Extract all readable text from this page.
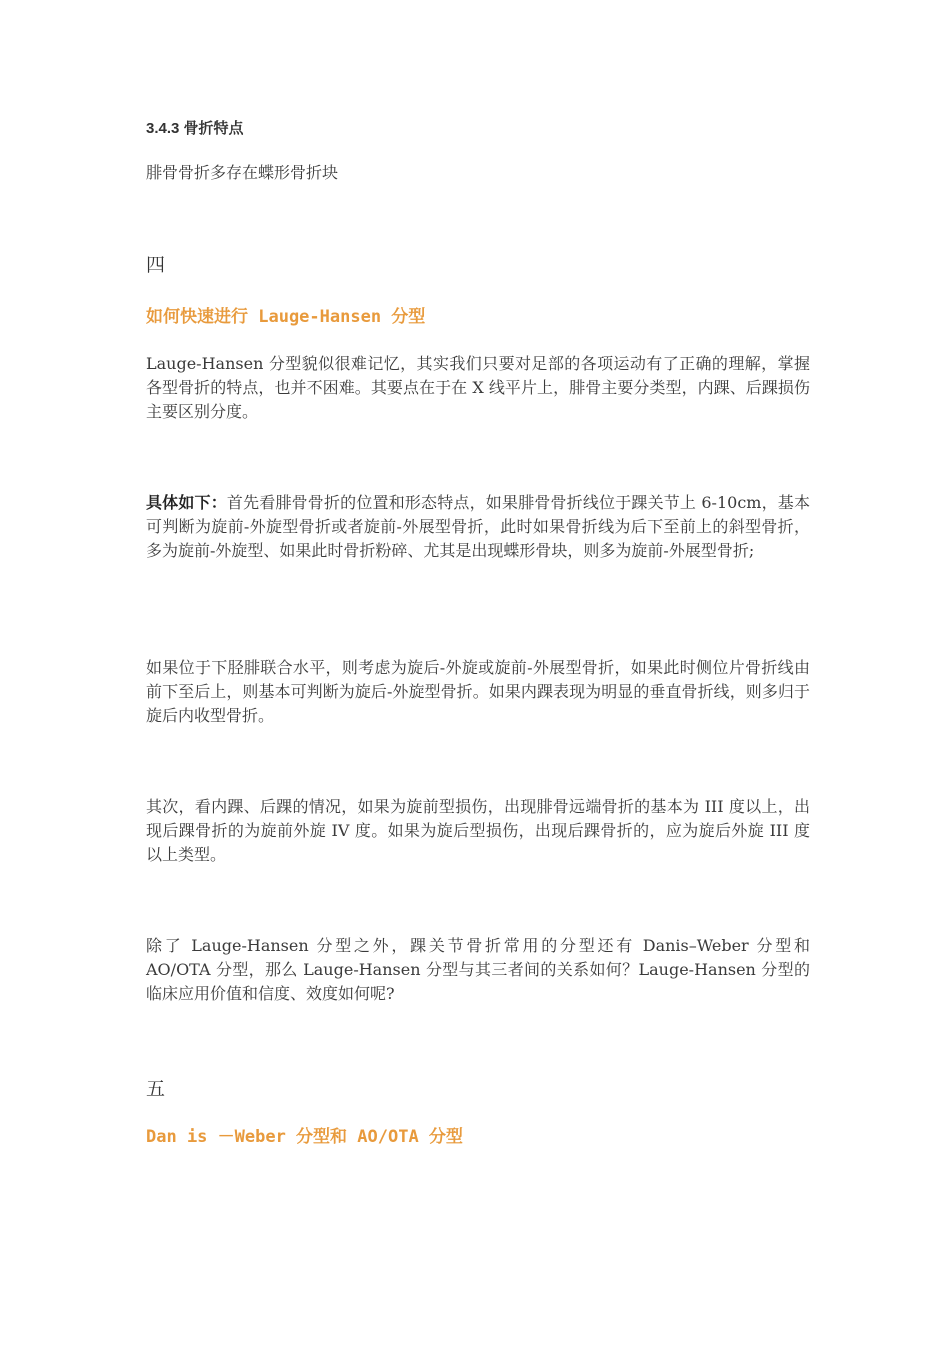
3.4.3 骨折特点

腓骨骨折多存在蝶形骨折块

四
如何快速进行 Lauge-Hansen 分型

Lauge-Hansen 分型貌似很难记忆，其实我们只要对足部的各项运动有了正确的理解，掌握各型骨折的特点，也并不困难。其要点在于在 X 线平片上，腓骨主要分类型，内踝、后踝损伤主要区别分度。

具体如下：首先看腓骨骨折的位置和形态特点，如果腓骨骨折线位于踝关节上 6-10cm，基本可判断为旋前-外旋型骨折或者旋前-外展型骨折，此时如果骨折线为后下至前上的斜型骨折，多为旋前-外旋型、如果此时骨折粉碎、尤其是出现蝶形骨块，则多为旋前-外展型骨折;

如果位于下胫腓联合水平，则考虑为旋后-外旋或旋前-外展型骨折，如果此时侧位片骨折线由前下至后上，则基本可判断为旋后-外旋型骨折。如果内踝表现为明显的垂直骨折线，则多归于旋后内收型骨折。

其次，看内踝、后踝的情况，如果为旋前型损伤，出现腓骨远端骨折的基本为 III 度以上，出现后踝骨折的为旋前外旋 IV 度。如果为旋后型损伤，出现后踝骨折的，应为旋后外旋 III 度以上类型。

除了 Lauge-Hansen 分型之外，踝关节骨折常用的分型还有 Danis–Weber 分型和 AO/OTA 分型，那么 Lauge-Hansen 分型与其三者间的关系如何？Lauge-Hansen 分型的临床应用价值和信度、效度如何呢?

五
Dan is －Weber 分型和 AO/OTA 分型
